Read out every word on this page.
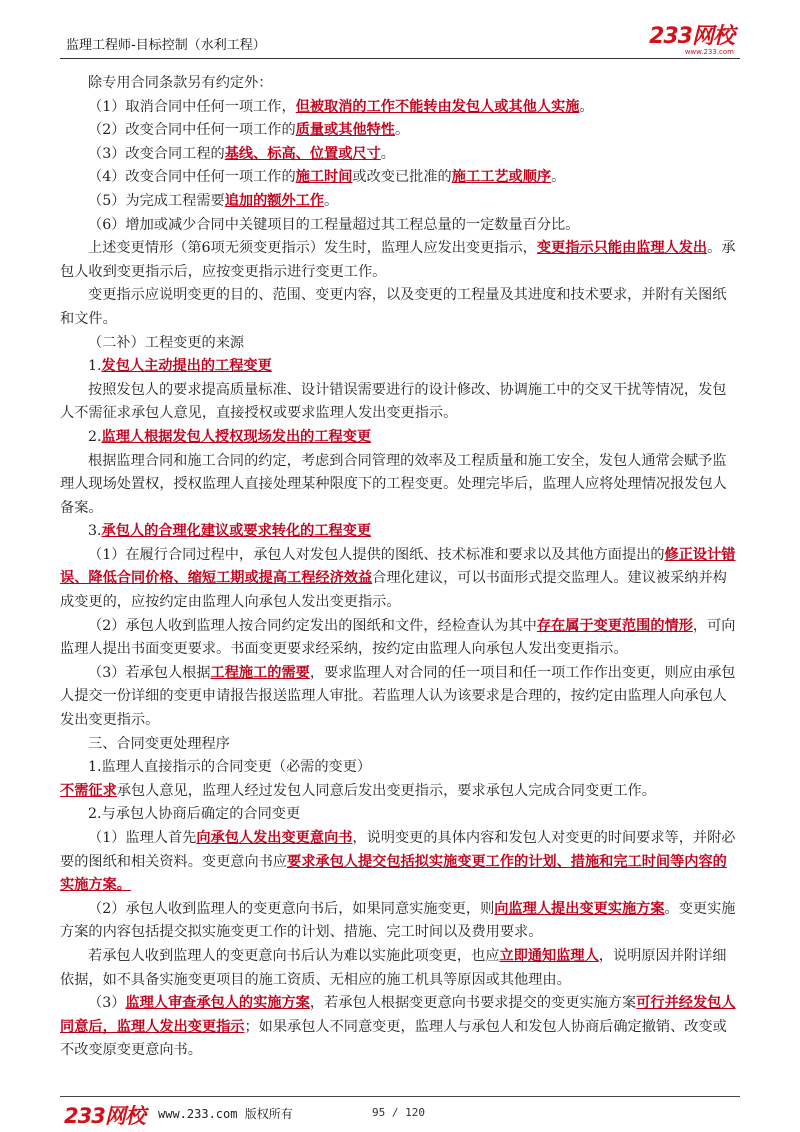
监理工程师-目标控制（水利工程）	233网校
www.233.com

除专用合同条款另有约定外：

（1）取消合同中任何一项工作，但被取消的工作不能转由发包人或其他人实施。

（2）改变合同中任何一项工作的质量或其他特性。

（3）改变合同工程的基线、标高、位置或尺寸。

（4）改变合同中任何一项工作的施工时间或改变已批准的施工工艺或顺序。

（5）为完成工程需要追加的额外工作。

（6）增加或减少合同中关键项目的工程量超过其工程总量的一定数量百分比。

上述变更情形（第6项无须变更指示）发生时，监理人应发出变更指示，变更指示只能由监理人发出。承包人收到变更指示后，应按变更指示进行变更工作。

变更指示应说明变更的目的、范围、变更内容，以及变更的工程量及其进度和技术要求，并附有关图纸和文件。

（二补）工程变更的来源

1.发包人主动提出的工程变更

按照发包人的要求提高质量标准、设计错误需要进行的设计修改、协调施工中的交叉干扰等情况，发包人不需征求承包人意见，直接授权或要求监理人发出变更指示。

2.监理人根据发包人授权现场发出的工程变更

根据监理合同和施工合同的约定，考虑到合同管理的效率及工程质量和施工安全，发包人通常会赋予监理人现场处置权，授权监理人直接处理某种限度下的工程变更。处理完毕后，监理人应将处理情况报发包人备案。

3.承包人的合理化建议或要求转化的工程变更

（1）在履行合同过程中，承包人对发包人提供的图纸、技术标准和要求以及其他方面提出的修正设计错误、降低合同价格、缩短工期或提高工程经济效益合理化建议，可以书面形式提交监理人。建议被采纳并构成变更的，应按约定由监理人向承包人发出变更指示。

（2）承包人收到监理人按合同约定发出的图纸和文件，经检查认为其中存在属于变更范围的情形，可向监理人提出书面变更要求。书面变更要求经采纳，按约定由监理人向承包人发出变更指示。

（3）若承包人根据工程施工的需要，要求监理人对合同的任一项目和任一项工作作出变更，则应由承包人提交一份详细的变更申请报告报送监理人审批。若监理人认为该要求是合理的，按约定由监理人向承包人发出变更指示。

三、合同变更处理程序

1.监理人直接指示的合同变更（必需的变更）

不需征求承包人意见，监理人经过发包人同意后发出变更指示，要求承包人完成合同变更工作。

2.与承包人协商后确定的合同变更

（1）监理人首先向承包人发出变更意向书，说明变更的具体内容和发包人对变更的时间要求等，并附必要的图纸和相关资料。变更意向书应要求承包人提交包括拟实施变更工作的计划、措施和完工时间等内容的实施方案。

（2）承包人收到监理人的变更意向书后，如果同意实施变更，则向监理人提出变更实施方案。变更实施方案的内容包括提交拟实施变更工作的计划、措施、完工时间以及费用要求。

若承包人收到监理人的变更意向书后认为难以实施此项变更，也应立即通知监理人，说明原因并附详细依据，如不具备实施变更项目的施工资质、无相应的施工机具等原因或其他理由。

（3）监理人审查承包人的实施方案，若承包人根据变更意向书要求提交的变更实施方案可行并经发包人同意后，监理人发出变更指示；如果承包人不同意变更，监理人与承包人和发包人协商后确定撤销、改变或不改变原变更意向书。

233网校 www.233.com 版权所有	95 / 120
